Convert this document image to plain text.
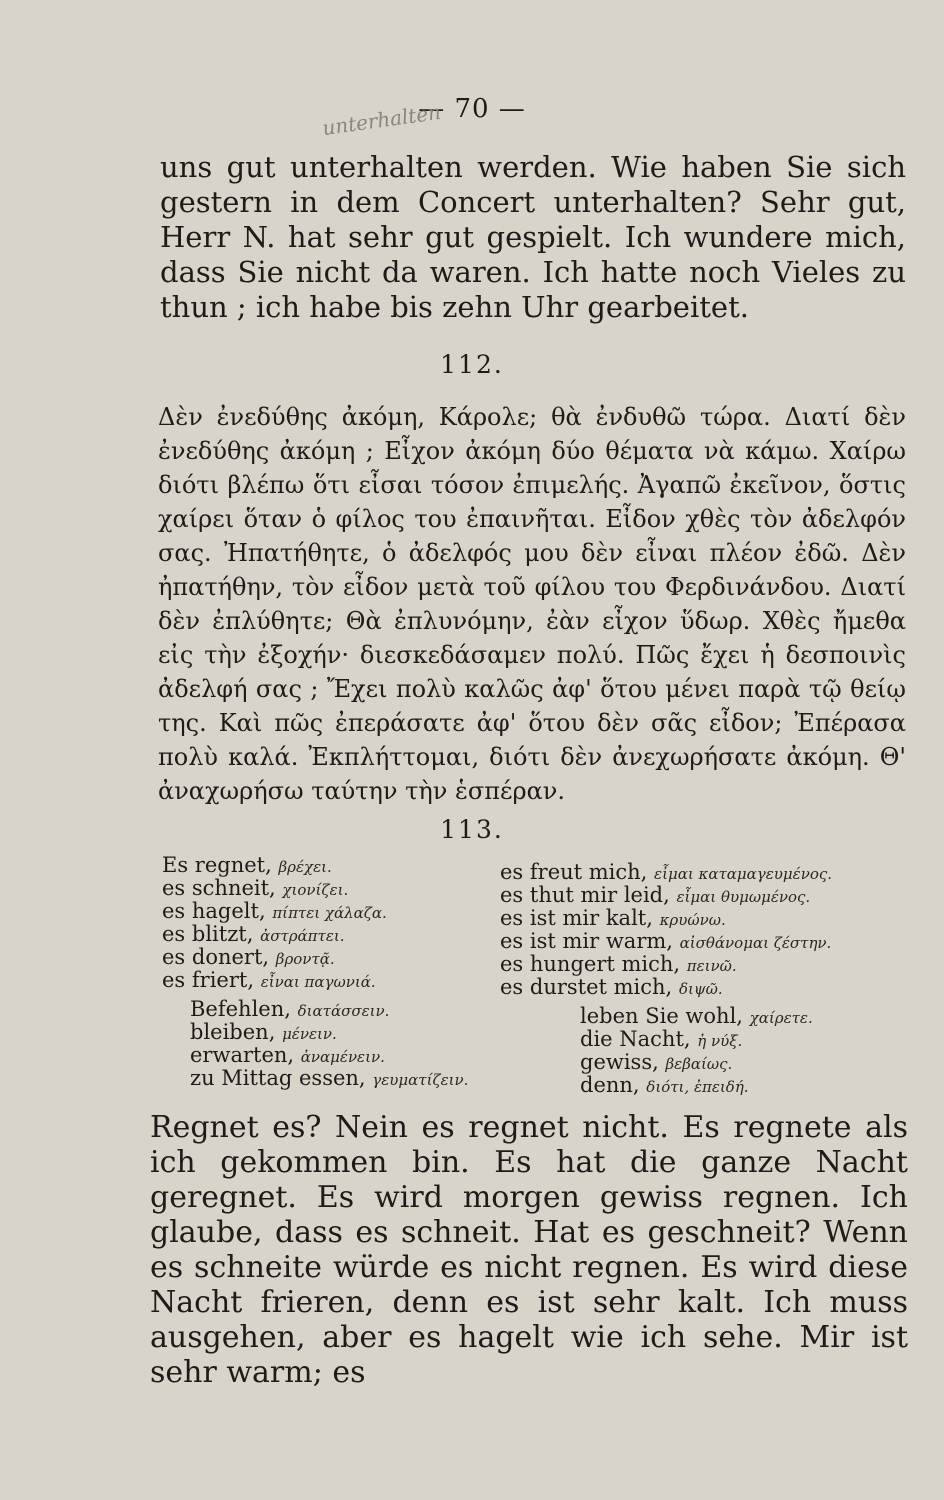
— 70 —
unterhalten
uns gut unterhalten werden. Wie haben Sie sich gestern in dem Concert unterhalten? Sehr gut, Herr N. hat sehr gut gespielt. Ich wundere mich, dass Sie nicht da waren. Ich hatte noch Vieles zu thun ; ich habe bis zehn Uhr gearbeitet.
112.
Δὲν ἐνεδύθης ἀκόμη, Κάρολε; θὰ ἐνδυθῶ τώρα. Διατί δὲν ἐνεδύθης ἀκόμη ; Εἶχον ἀκόμη δύο θέματα νὰ κάμω. Χαίρω διότι βλέπω ὅτι εἶσαι τόσον ἐπιμελής. Ἀγαπῶ ἐκεῖνον, ὅστις χαίρει ὅταν ὁ φίλος του ἐπαινῆται. Εἶδον χθὲς τὸν ἀδελφόν σας. Ἠπατήθητε, ὁ ἀδελφός μου δὲν εἶναι πλέον ἐδῶ. Δὲν ἠπατήθην, τὸν εἶδον μετὰ τοῦ φίλου του Φερδινάνδου. Διατί δὲν ἐπλύθητε; Θὰ ἐπλυνόμην, ἐὰν εἶχον ὕδωρ. Χθὲς ἤμεθα εἰς τὴν ἐξοχήν· διεσκεδάσαμεν πολύ. Πῶς ἔχει ἡ δεσποινὶς ἀδελφή σας ; Ἔχει πολὺ καλῶς ἀφ' ὅτου μένει παρὰ τῷ θείῳ της. Καὶ πῶς ἐπεράσατε ἀφ' ὅτου δὲν σᾶς εἶδον; Ἐπέρασα πολὺ καλά. Ἐκπλήττομαι, διότι δὲν ἀνεχωρήσατε ἀκόμη. Θ' ἀναχωρήσω ταύτην τὴν ἑσπέραν.
113.
Es regnet, βρέχει.
es schneit, χιονίζει.
es hagelt, πίπτει χάλαζα.
es blitzt, ἀστράπτει.
es donert, βροντᾷ.
es friert, εἶναι παγωνιά.
Befehlen, διατάσσειν.
bleiben, μένειν.
erwarten, ἀναμένειν.
zu Mittag essen, γευματίζειν.
es freut mich, εἶμαι καταμαγευμένος.
es thut mir leid, εἶμαι θυμωμένος.
es ist mir kalt, κρυώνω.
es ist mir warm, αἰσθάνομαι ζέστην.
es hungert mich, πεινῶ.
es durstet mich, διψῶ.
leben Sie wohl, χαίρετε.
die Nacht, ἡ νύξ.
gewiss, βεβαίως.
denn, διότι, ἐπειδή.
Regnet es? Nein es regnet nicht. Es regnete als ich gekommen bin. Es hat die ganze Nacht geregnet. Es wird morgen gewiss regnen. Ich glaube, dass es schneit. Hat es geschneit? Wenn es schneite würde es nicht regnen. Es wird diese Nacht frieren, denn es ist sehr kalt. Ich muss ausgehen, aber es hagelt wie ich sehe. Mir ist sehr warm; es
